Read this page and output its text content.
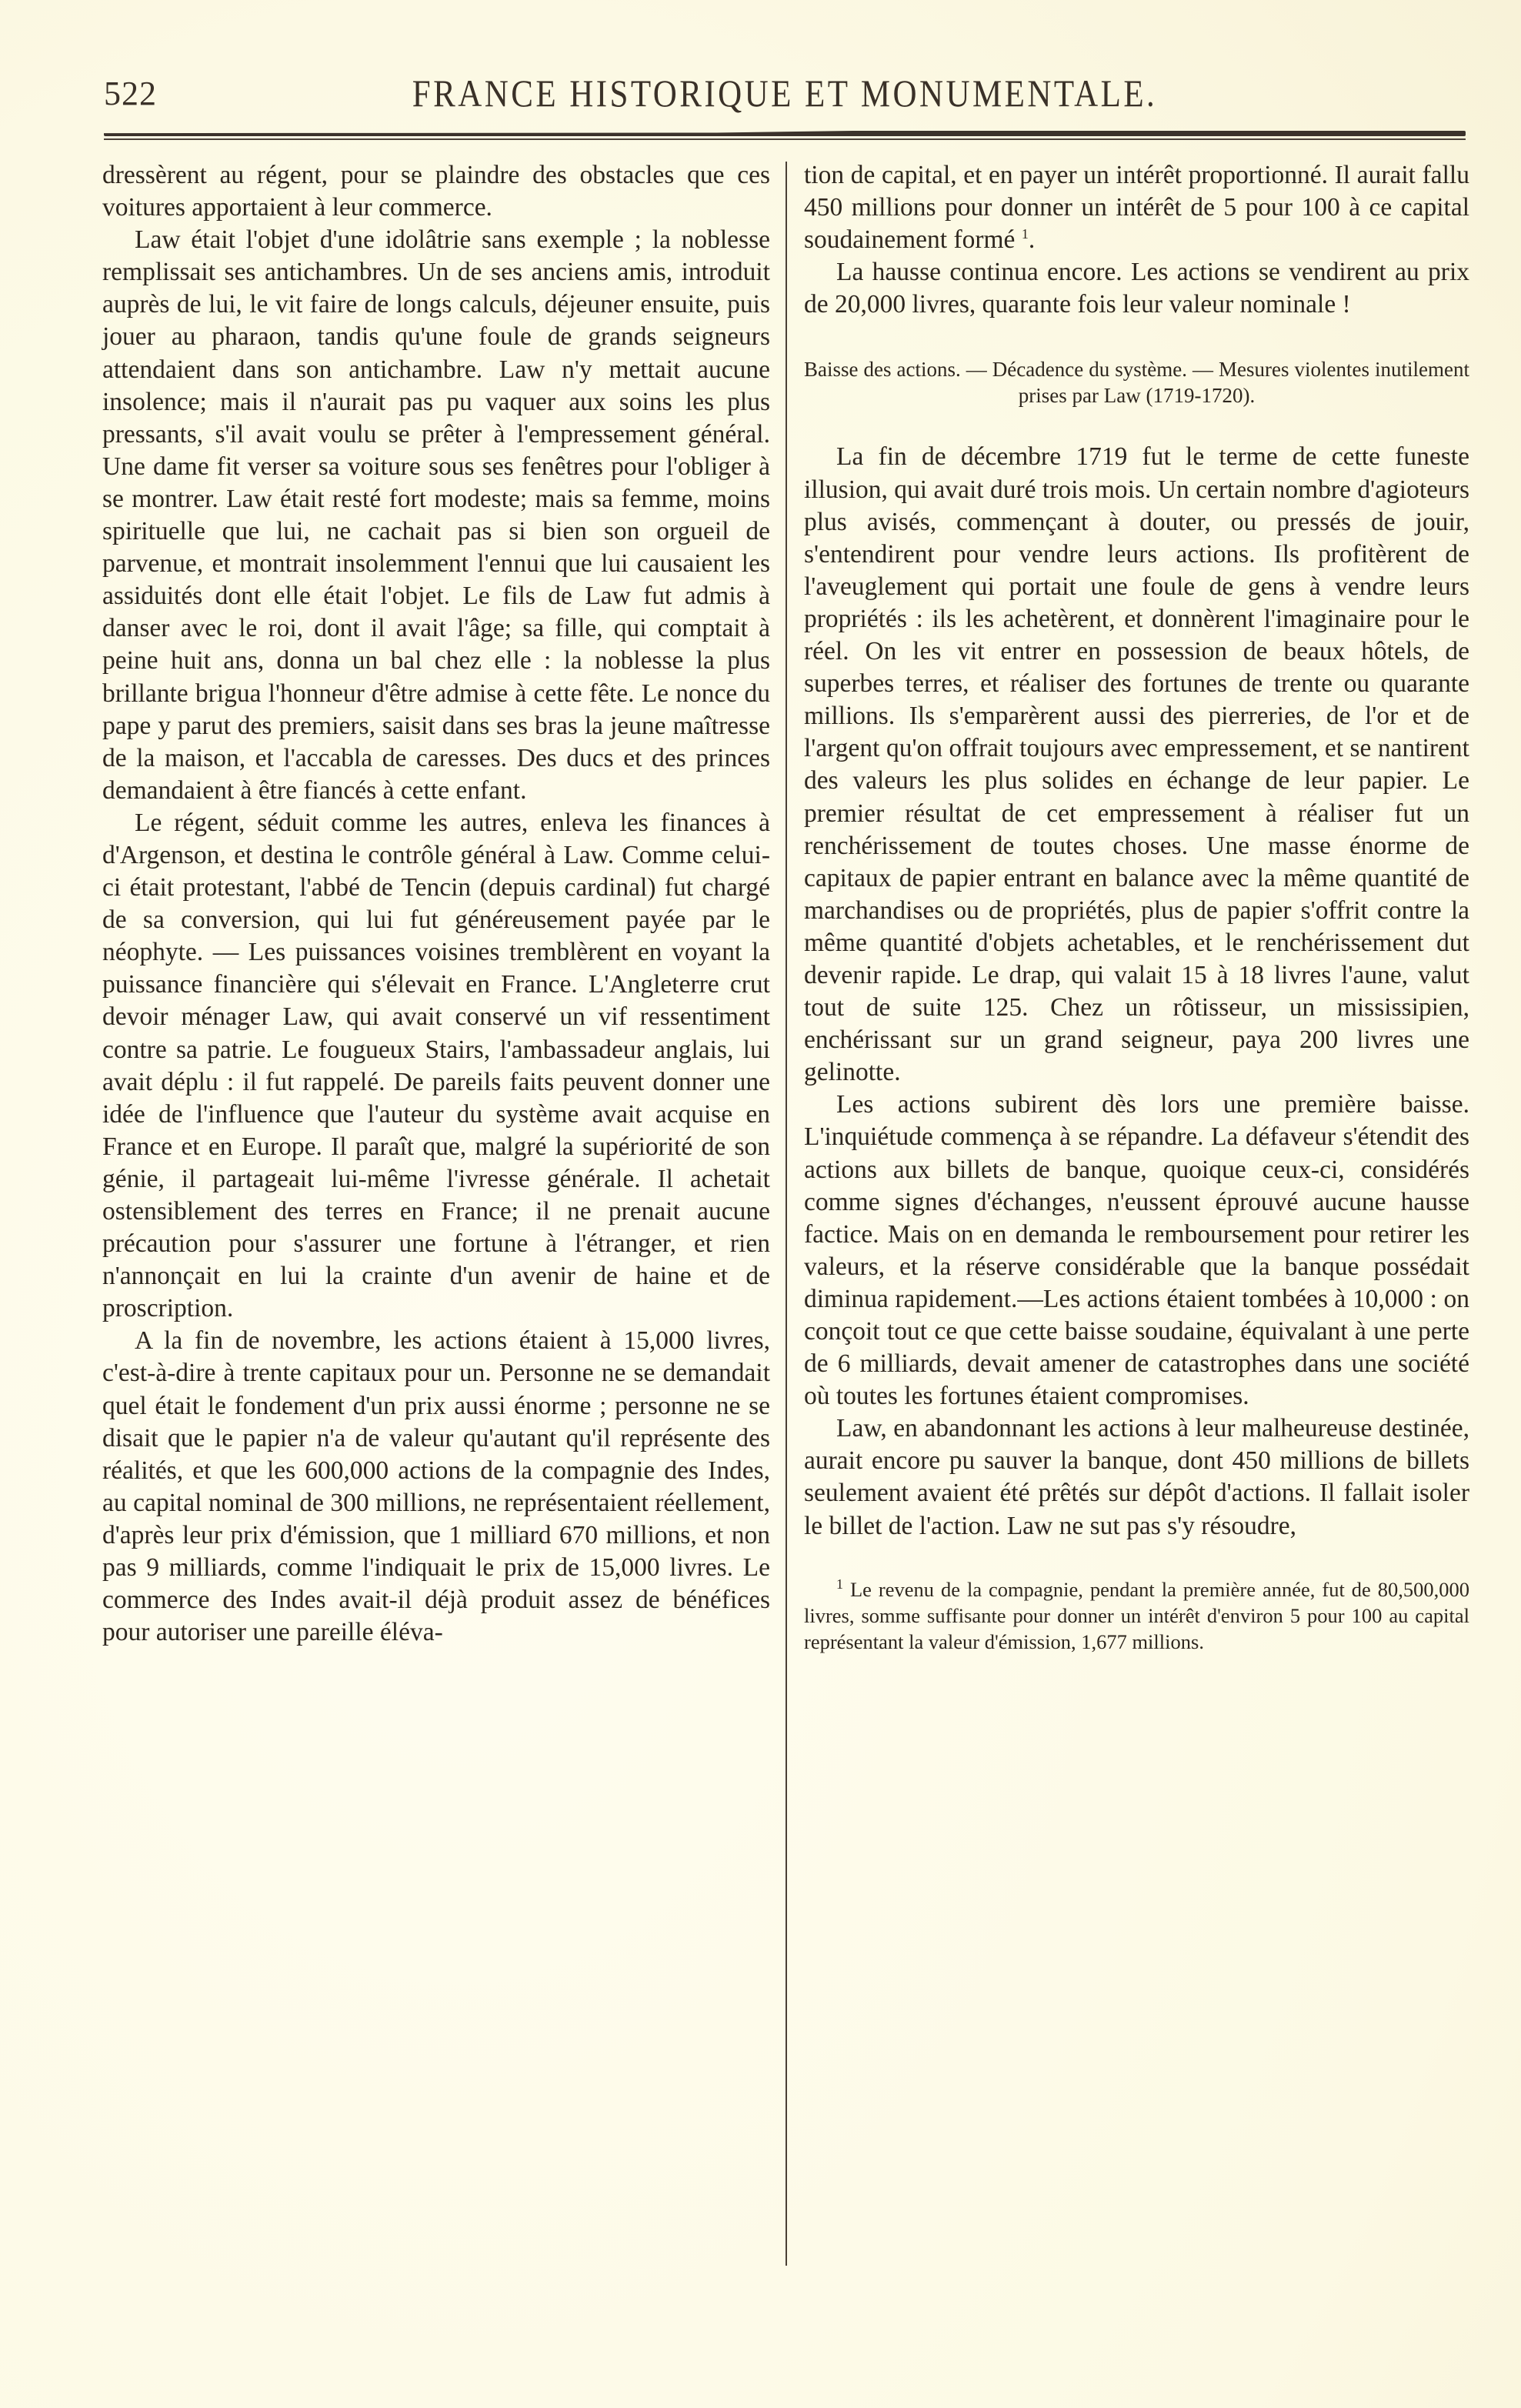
522	FRANCE HISTORIQUE ET MONUMENTALE.

dressèrent au régent, pour se plaindre des obstacles que ces voitures apportaient à leur commerce.

Law était l'objet d'une idolâtrie sans exemple ; la noblesse remplissait ses antichambres. Un de ses anciens amis, introduit auprès de lui, le vit faire de longs calculs, déjeuner ensuite, puis jouer au pharaon, tandis qu'une foule de grands seigneurs attendaient dans son antichambre. Law n'y mettait aucune insolence; mais il n'aurait pas pu vaquer aux soins les plus pressants, s'il avait voulu se prêter à l'empressement général. Une dame fit verser sa voiture sous ses fenêtres pour l'obliger à se montrer. Law était resté fort modeste; mais sa femme, moins spirituelle que lui, ne cachait pas si bien son orgueil de parvenue, et montrait insolemment l'ennui que lui causaient les assiduités dont elle était l'objet. Le fils de Law fut admis à danser avec le roi, dont il avait l'âge; sa fille, qui comptait à peine huit ans, donna un bal chez elle : la noblesse la plus brillante brigua l'honneur d'être admise à cette fête. Le nonce du pape y parut des premiers, saisit dans ses bras la jeune maîtresse de la maison, et l'accabla de caresses. Des ducs et des princes demandaient à être fiancés à cette enfant.

Le régent, séduit comme les autres, enleva les finances à d'Argenson, et destina le contrôle général à Law. Comme celui-ci était protestant, l'abbé de Tencin (depuis cardinal) fut chargé de sa conversion, qui lui fut généreusement payée par le néophyte. — Les puissances voisines tremblèrent en voyant la puissance financière qui s'élevait en France. L'Angleterre crut devoir ménager Law, qui avait conservé un vif ressentiment contre sa patrie. Le fougueux Stairs, l'ambassadeur anglais, lui avait déplu : il fut rappelé. De pareils faits peuvent donner une idée de l'influence que l'auteur du système avait acquise en France et en Europe. Il paraît que, malgré la supériorité de son génie, il partageait lui-même l'ivresse générale. Il achetait ostensiblement des terres en France; il ne prenait aucune précaution pour s'assurer une fortune à l'étranger, et rien n'annonçait en lui la crainte d'un avenir de haine et de proscription.

A la fin de novembre, les actions étaient à 15,000 livres, c'est-à-dire à trente capitaux pour un. Personne ne se demandait quel était le fondement d'un prix aussi énorme ; personne ne se disait que le papier n'a de valeur qu'autant qu'il représente des réalités, et que les 600,000 actions de la compagnie des Indes, au capital nominal de 300 millions, ne représentaient réellement, d'après leur prix d'émission, que 1 milliard 670 millions, et non pas 9 milliards, comme l'indiquait le prix de 15,000 livres. Le commerce des Indes avait-il déjà produit assez de bénéfices pour autoriser une pareille éléva-

tion de capital, et en payer un intérêt proportionné. Il aurait fallu 450 millions pour donner un intérêt de 5 pour 100 à ce capital soudainement formé $^1$.

La hausse continua encore. Les actions se vendirent au prix de 20,000 livres, quarante fois leur valeur nominale !

Baisse des actions. — Décadence du système. — Mesures violentes inutilement prises par Law (1719-1720).

La fin de décembre 1719 fut le terme de cette funeste illusion, qui avait duré trois mois. Un certain nombre d'agioteurs plus avisés, commençant à douter, ou pressés de jouir, s'entendirent pour vendre leurs actions. Ils profitèrent de l'aveuglement qui portait une foule de gens à vendre leurs propriétés : ils les achetèrent, et donnèrent l'imaginaire pour le réel. On les vit entrer en possession de beaux hôtels, de superbes terres, et réaliser des fortunes de trente ou quarante millions. Ils s'emparèrent aussi des pierreries, de l'or et de l'argent qu'on offrait toujours avec empressement, et se nantirent des valeurs les plus solides en échange de leur papier. Le premier résultat de cet empressement à réaliser fut un renchérissement de toutes choses. Une masse énorme de capitaux de papier entrant en balance avec la même quantité de marchandises ou de propriétés, plus de papier s'offrit contre la même quantité d'objets achetables, et le renchérissement dut devenir rapide. Le drap, qui valait 15 à 18 livres l'aune, valut tout de suite 125. Chez un rôtisseur, un mississipien, enchérissant sur un grand seigneur, paya 200 livres une gelinotte.

Les actions subirent dès lors une première baisse. L'inquiétude commença à se répandre. La défaveur s'étendit des actions aux billets de banque, quoique ceux-ci, considérés comme signes d'échanges, n'eussent éprouvé aucune hausse factice. Mais on en demanda le remboursement pour retirer les valeurs, et la réserve considérable que la banque possédait diminua rapidement.—Les actions étaient tombées à 10,000 : on conçoit tout ce que cette baisse soudaine, équivalant à une perte de 6 milliards, devait amener de catastrophes dans une société où toutes les fortunes étaient compromises.

Law, en abandonnant les actions à leur malheureuse destinée, aurait encore pu sauver la banque, dont 450 millions de billets seulement avaient été prêtés sur dépôt d'actions. Il fallait isoler le billet de l'action. Law ne sut pas s'y résoudre,

$^1$ Le revenu de la compagnie, pendant la première année, fut de 80,500,000 livres, somme suffisante pour donner un intérêt d'environ 5 pour 100 au capital représentant la valeur d'émission, 1,677 millions.
